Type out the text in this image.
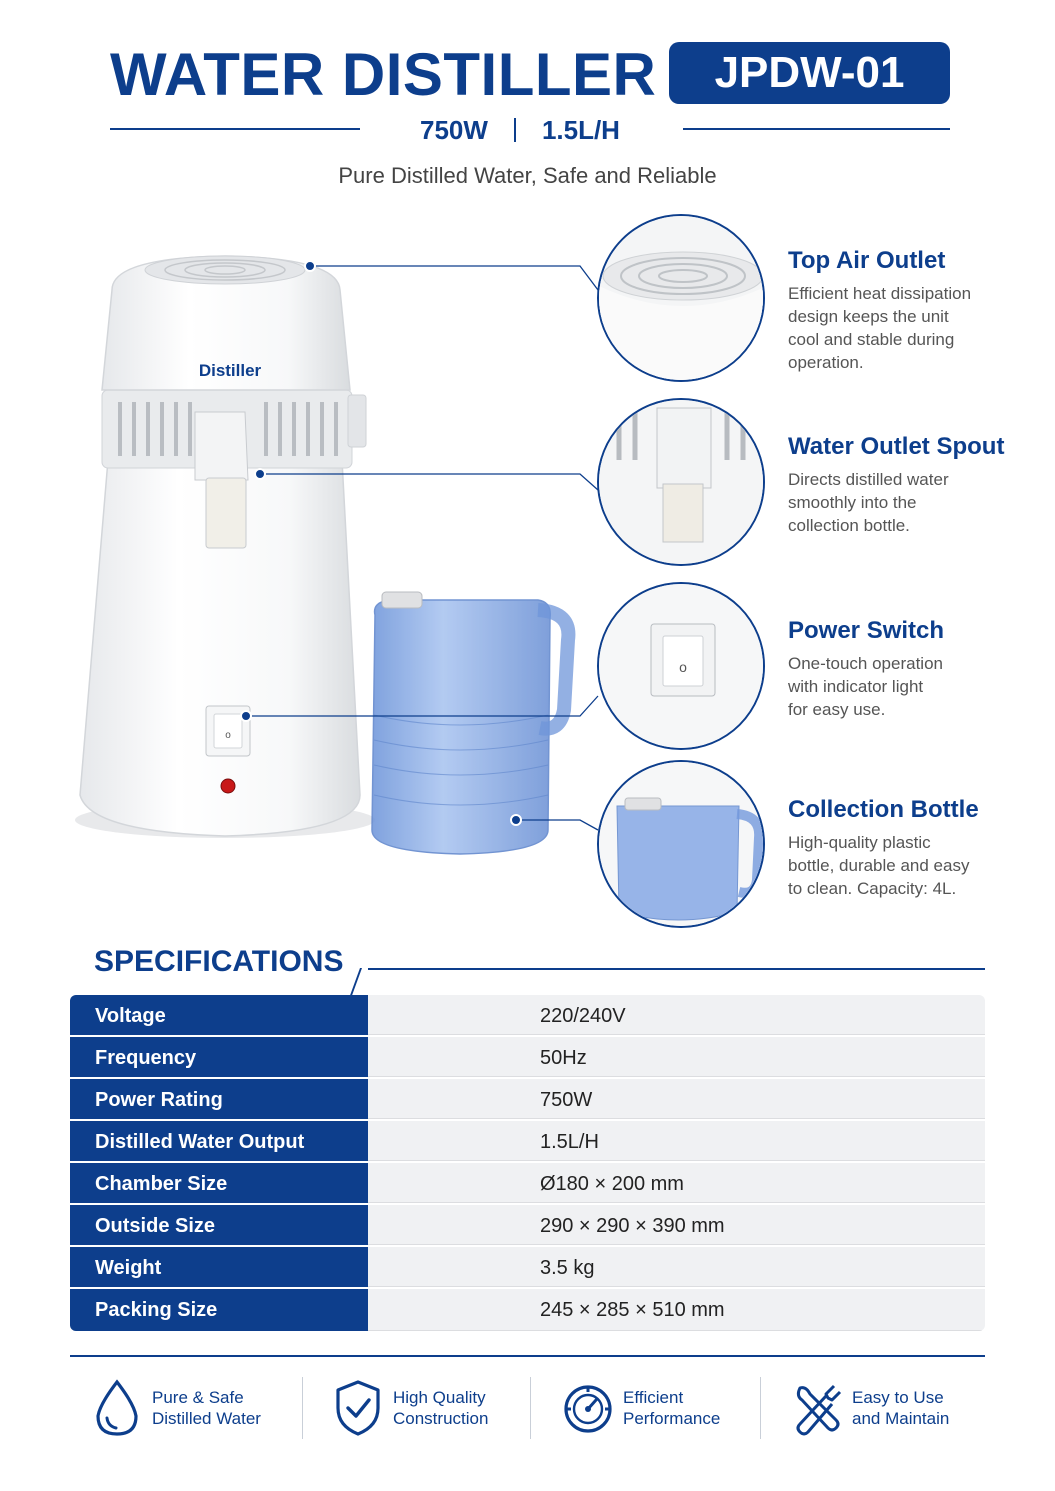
WATER DISTILLER	JPDW-01
750W 1.5L/H
Pure Distilled Water, Safe and Reliable
Distiller
o
o
Top Air Outlet
Efficient heat dissipation
design keeps the unit
cool and stable during
operation.
Water Outlet Spout
Directs distilled water
smoothly into the
collection bottle.
Power Switch
One-touch operation
with indicator light
for easy use.
Collection Bottle
High-quality plastic
bottle, durable and easy
to clean. Capacity: 4L.
SPECIFICATIONS
Voltage	220/240V
Frequency	50Hz
Power Rating	750W
Distilled Water Output	1.5L/H
Chamber Size	Ø180 × 200 mm
Outside Size	290 × 290 × 390 mm
Weight	3.5 kg
Packing Size	245 × 285 × 510 mm
Pure & Safe
Distilled Water
High Quality
Construction
Efficient
Performance
Easy to Use
and Maintain
